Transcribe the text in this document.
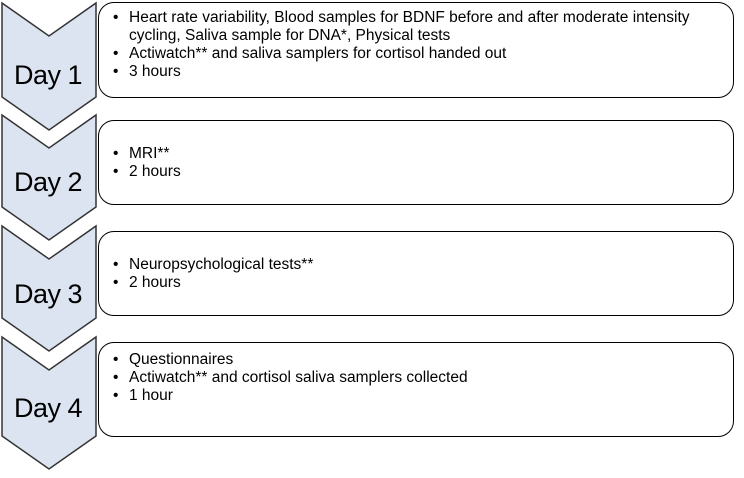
Day 1
Day 2
Day 3
Day 4
• Heart rate variability, Blood samples for BDNF before and after moderate intensity cycling, Saliva sample for DNA*, Physical tests
• Actiwatch** and saliva samplers for cortisol handed out
• 3 hours
• MRI**
• 2 hours
• Neuropsychological tests**
• 2 hours
• Questionnaires
• Actiwatch** and cortisol saliva samplers collected
• 1 hour
